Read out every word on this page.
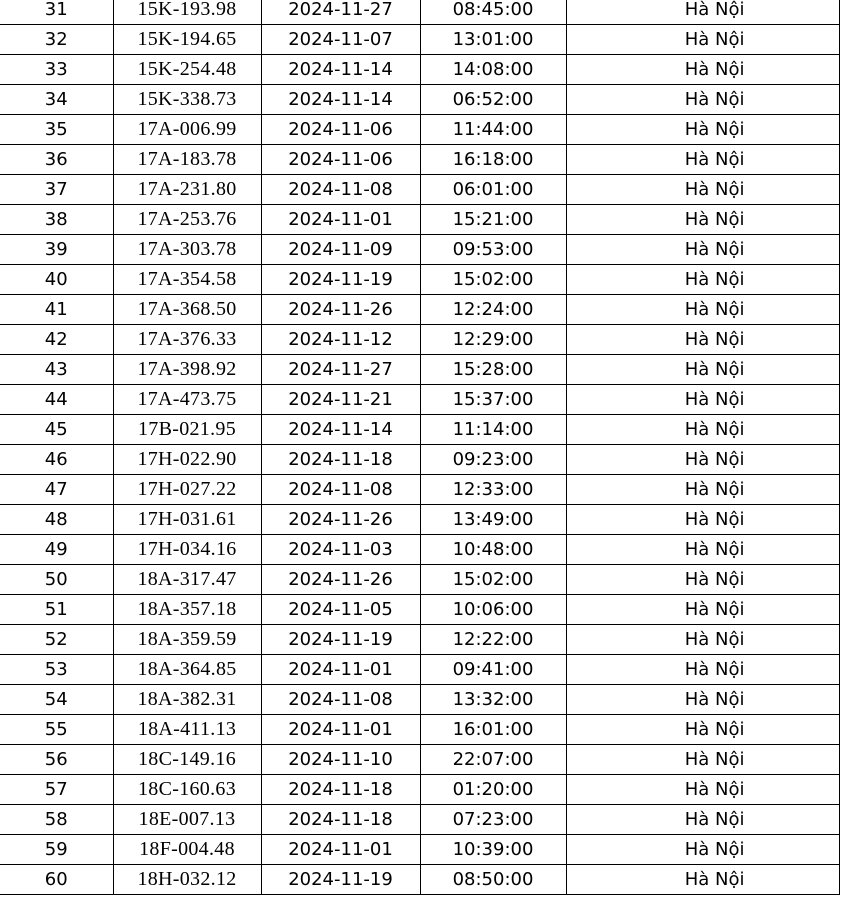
31	15K-193.98	2024-11-27	08:45:00	Hà Nội
32	15K-194.65	2024-11-07	13:01:00	Hà Nội
33	15K-254.48	2024-11-14	14:08:00	Hà Nội
34	15K-338.73	2024-11-14	06:52:00	Hà Nội
35	17A-006.99	2024-11-06	11:44:00	Hà Nội
36	17A-183.78	2024-11-06	16:18:00	Hà Nội
37	17A-231.80	2024-11-08	06:01:00	Hà Nội
38	17A-253.76	2024-11-01	15:21:00	Hà Nội
39	17A-303.78	2024-11-09	09:53:00	Hà Nội
40	17A-354.58	2024-11-19	15:02:00	Hà Nội
41	17A-368.50	2024-11-26	12:24:00	Hà Nội
42	17A-376.33	2024-11-12	12:29:00	Hà Nội
43	17A-398.92	2024-11-27	15:28:00	Hà Nội
44	17A-473.75	2024-11-21	15:37:00	Hà Nội
45	17B-021.95	2024-11-14	11:14:00	Hà Nội
46	17H-022.90	2024-11-18	09:23:00	Hà Nội
47	17H-027.22	2024-11-08	12:33:00	Hà Nội
48	17H-031.61	2024-11-26	13:49:00	Hà Nội
49	17H-034.16	2024-11-03	10:48:00	Hà Nội
50	18A-317.47	2024-11-26	15:02:00	Hà Nội
51	18A-357.18	2024-11-05	10:06:00	Hà Nội
52	18A-359.59	2024-11-19	12:22:00	Hà Nội
53	18A-364.85	2024-11-01	09:41:00	Hà Nội
54	18A-382.31	2024-11-08	13:32:00	Hà Nội
55	18A-411.13	2024-11-01	16:01:00	Hà Nội
56	18C-149.16	2024-11-10	22:07:00	Hà Nội
57	18C-160.63	2024-11-18	01:20:00	Hà Nội
58	18E-007.13	2024-11-18	07:23:00	Hà Nội
59	18F-004.48	2024-11-01	10:39:00	Hà Nội
60	18H-032.12	2024-11-19	08:50:00	Hà Nội
